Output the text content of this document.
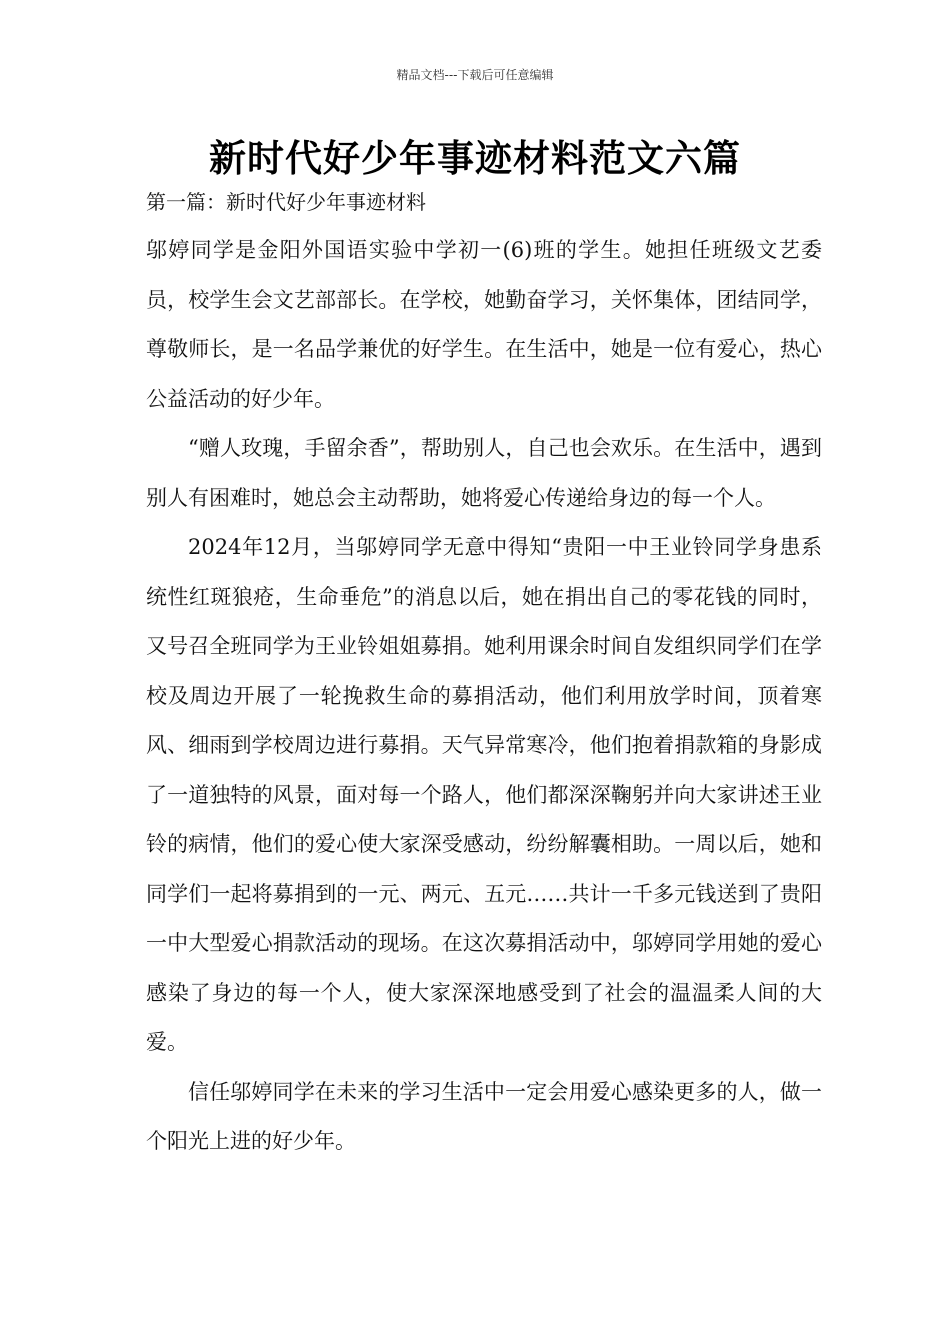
精品文档---下载后可任意编辑
新时代好少年事迹材料范文六篇
第一篇：新时代好少年事迹材料

邬婷同学是金阳外国语实验中学初一(6)班的学生。她担任班级文艺委员，校学生会文艺部部长。在学校，她勤奋学习，关怀集体，团结同学，尊敬师长，是一名品学兼优的好学生。在生活中，她是一位有爱心，热心公益活动的好少年。

“赠人玫瑰，手留余香”，帮助别人，自己也会欢乐。在生活中，遇到别人有困难时，她总会主动帮助，她将爱心传递给身边的每一个人。

2024年12月，当邬婷同学无意中得知“贵阳一中王业铃同学身患系统性红斑狼疮，生命垂危”的消息以后，她在捐出自己的零花钱的同时，又号召全班同学为王业铃姐姐募捐。她利用课余时间自发组织同学们在学校及周边开展了一轮挽救生命的募捐活动，他们利用放学时间，顶着寒风、细雨到学校周边进行募捐。天气异常寒冷，他们抱着捐款箱的身影成了一道独特的风景，面对每一个路人，他们都深深鞠躬并向大家讲述王业铃的病情，他们的爱心使大家深受感动，纷纷解囊相助。一周以后，她和同学们一起将募捐到的一元、两元、五元……共计一千多元钱送到了贵阳一中大型爱心捐款活动的现场。在这次募捐活动中，邬婷同学用她的爱心感染了身边的每一个人，使大家深深地感受到了社会的温温柔人间的大爱。

信任邬婷同学在未来的学习生活中一定会用爱心感染更多的人，做一个阳光上进的好少年。
